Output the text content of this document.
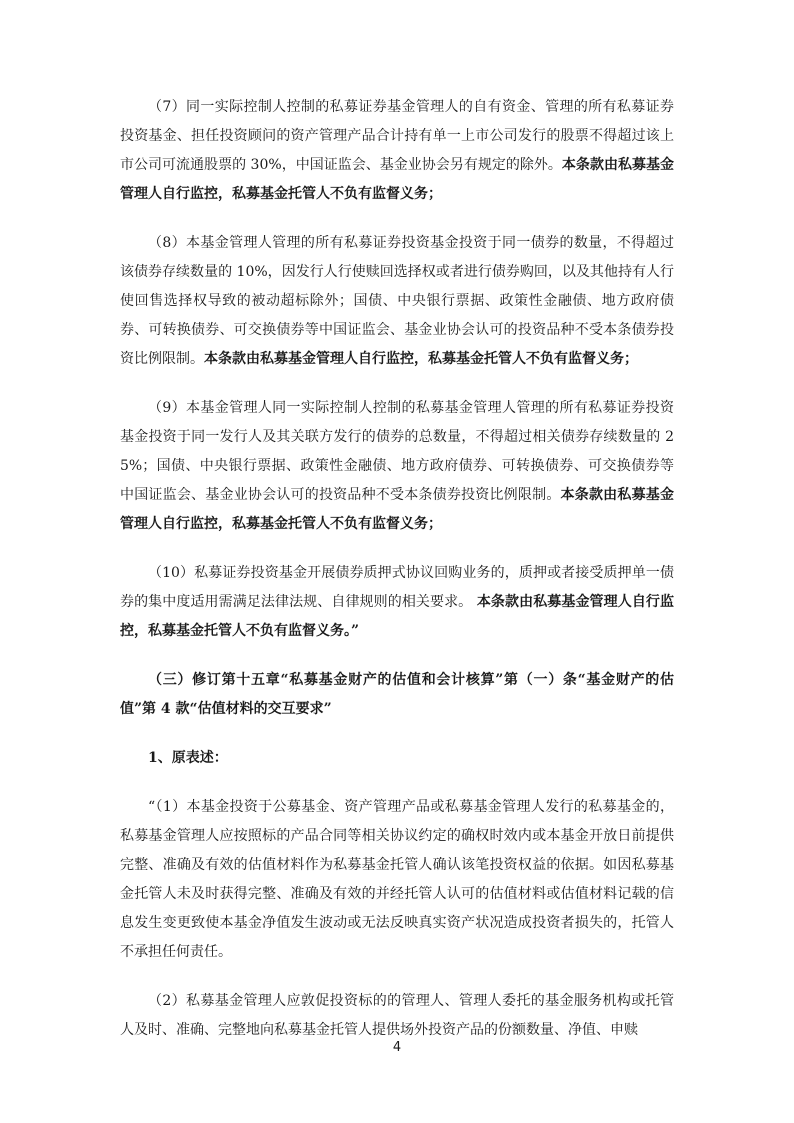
（7）同一实际控制人控制的私募证券基金管理人的自有资金、管理的所有私募证券投资基金、担任投资顾问的资产管理产品合计持有单一上市公司发行的股票不得超过该上市公司可流通股票的 30%，中国证监会、基金业协会另有规定的除外。本条款由私募基金管理人自行监控，私募基金托管人不负有监督义务；

（8）本基金管理人管理的所有私募证券投资基金投资于同一债券的数量，不得超过该债券存续数量的 10%，因发行人行使赎回选择权或者进行债券购回，以及其他持有人行使回售选择权导致的被动超标除外；国债、中央银行票据、政策性金融债、地方政府债券、可转换债券、可交换债券等中国证监会、基金业协会认可的投资品种不受本条债券投资比例限制。本条款由私募基金管理人自行监控，私募基金托管人不负有监督义务；

（9）本基金管理人同一实际控制人控制的私募基金管理人管理的所有私募证券投资基金投资于同一发行人及其关联方发行的债券的总数量，不得超过相关债券存续数量的 25%；国债、中央银行票据、政策性金融债、地方政府债券、可转换债券、可交换债券等中国证监会、基金业协会认可的投资品种不受本条债券投资比例限制。本条款由私募基金管理人自行监控，私募基金托管人不负有监督义务；

（10）私募证券投资基金开展债券质押式协议回购业务的，质押或者接受质押单一债券的集中度适用需满足法律法规、自律规则的相关要求。 本条款由私募基金管理人自行监控，私募基金托管人不负有监督义务。”

（三）修订第十五章“私募基金财产的估值和会计核算”第（一）条“基金财产的估值”第 4 款“估值材料的交互要求”

1、原表述：

“（1）本基金投资于公募基金、资产管理产品或私募基金管理人发行的私募基金的，私募基金管理人应按照标的产品合同等相关协议约定的确权时效内或本基金开放日前提供完整、准确及有效的估值材料作为私募基金托管人确认该笔投资权益的依据。如因私募基金托管人未及时获得完整、准确及有效的并经托管人认可的估值材料或估值材料记载的信息发生变更致使本基金净值发生波动或无法反映真实资产状况造成投资者损失的，托管人不承担任何责任。

（2）私募基金管理人应敦促投资标的的管理人、管理人委托的基金服务机构或托管人及时、准确、完整地向私募基金托管人提供场外投资产品的份额数量、净值、申赎

4
